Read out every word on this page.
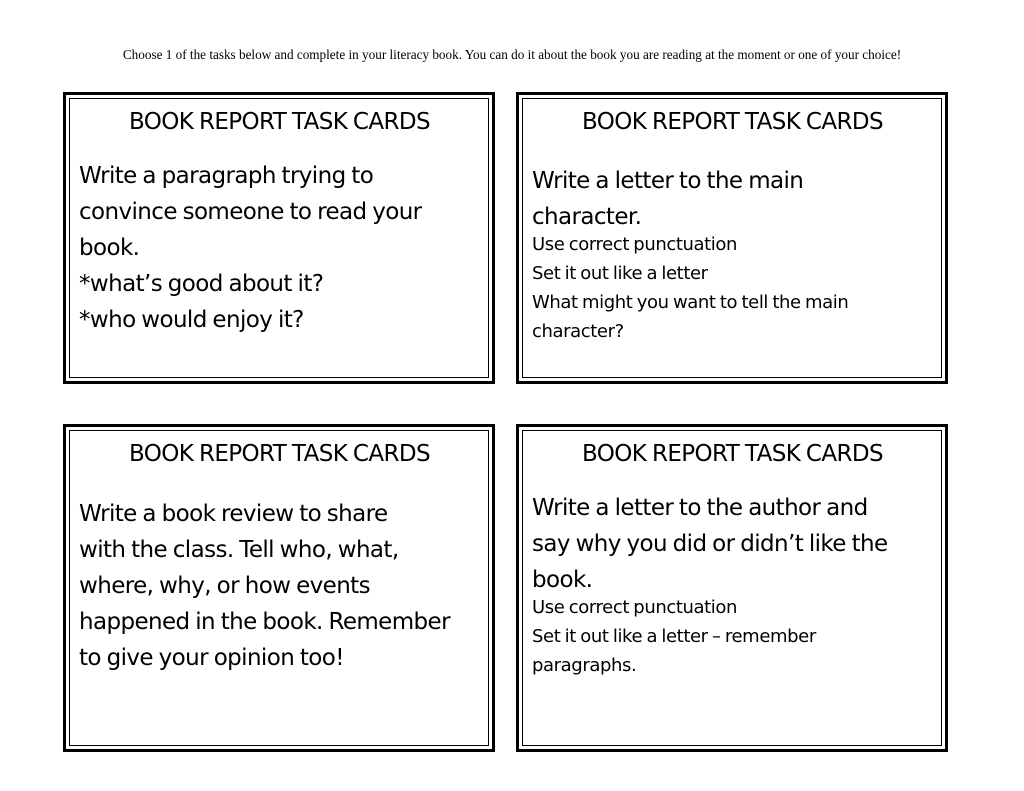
Choose 1 of the tasks below and complete in your literacy book. You can do it about the book you are reading at the moment or one of your choice!
BOOK REPORT TASK CARDS
Write a paragraph trying to
convince someone to read your
book.
*what’s good about it?
*who would enjoy it?
BOOK REPORT TASK CARDS
Write a letter to the main
character.
Use correct punctuation
Set it out like a letter
What might you want to tell the main
character?
BOOK REPORT TASK CARDS
Write a book review to share
with the class. Tell who, what,
where, why, or how events
happened in the book. Remember
to give your opinion too!
BOOK REPORT TASK CARDS
Write a letter to the author and
say why you did or didn’t like the
book.
Use correct punctuation
Set it out like a letter – remember
paragraphs.
